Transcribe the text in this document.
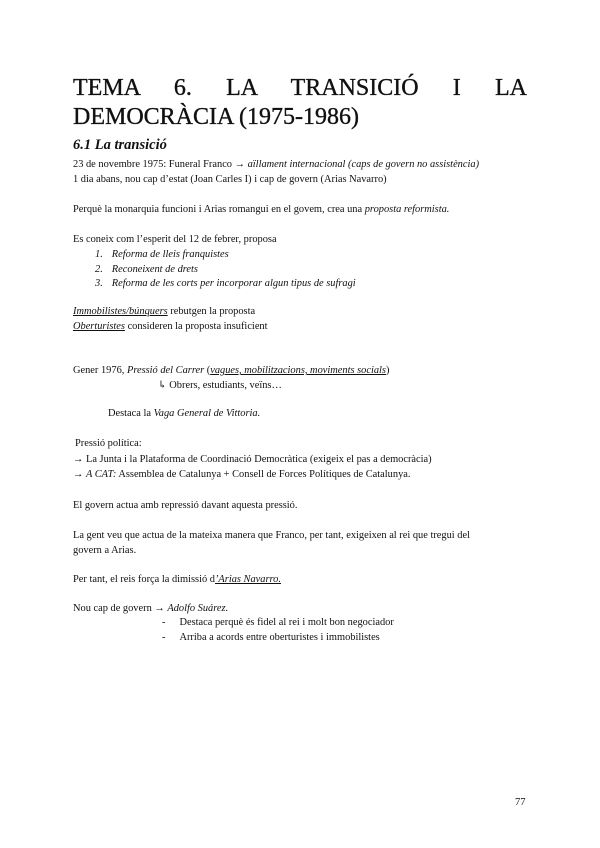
TEMA 6. LA TRANSICIÓ I LA DEMOCRÀCIA (1975-1986)
6.1 La transició
23 de novembre 1975: Funeral Franco → aïllament internacional (caps de govern no assistència)
1 dia abans, nou cap d’estat (Joan Carles I) i cap de govern (Arias Navarro)
Perquè la monarquia funcioni i Arias romangui en el govem, crea una proposta reformista.
Es coneix com l’esperit del 12 de febrer, proposa
1. Reforma de lleis franquistes
2. Reconeixent de drets
3. Reforma de les corts per incorporar algun tipus de sufragi
Immobilistes/búnquers rebutgen la proposta
Oberturistes consideren la proposta insuficient
Gener 1976, Pressió del Carrer (vagues, mobilitzacions, moviments socials)
↳ Obrers, estudiants, veïns…
Destaca la Vaga General de Vittoria.
Pressió política:
→ La Junta i la Plataforma de Coordinació Democràtica (exigeix el pas a democràcia)
→ A CAT: Assemblea de Catalunya + Consell de Forces Polítiques de Catalunya.
El govern actua amb repressió davant aquesta pressió.
La gent veu que actua de la mateixa manera que Franco, per tant, exigeixen al rei que tregui del
govern a Arias.
Per tant, el reis força la dimissió d’Arias Navarro.
Nou cap de govern → Adolfo Suárez.
- Destaca perquè és fidel al rei i molt bon negociador
- Arriba a acords entre oberturistes i immobilistes
77
